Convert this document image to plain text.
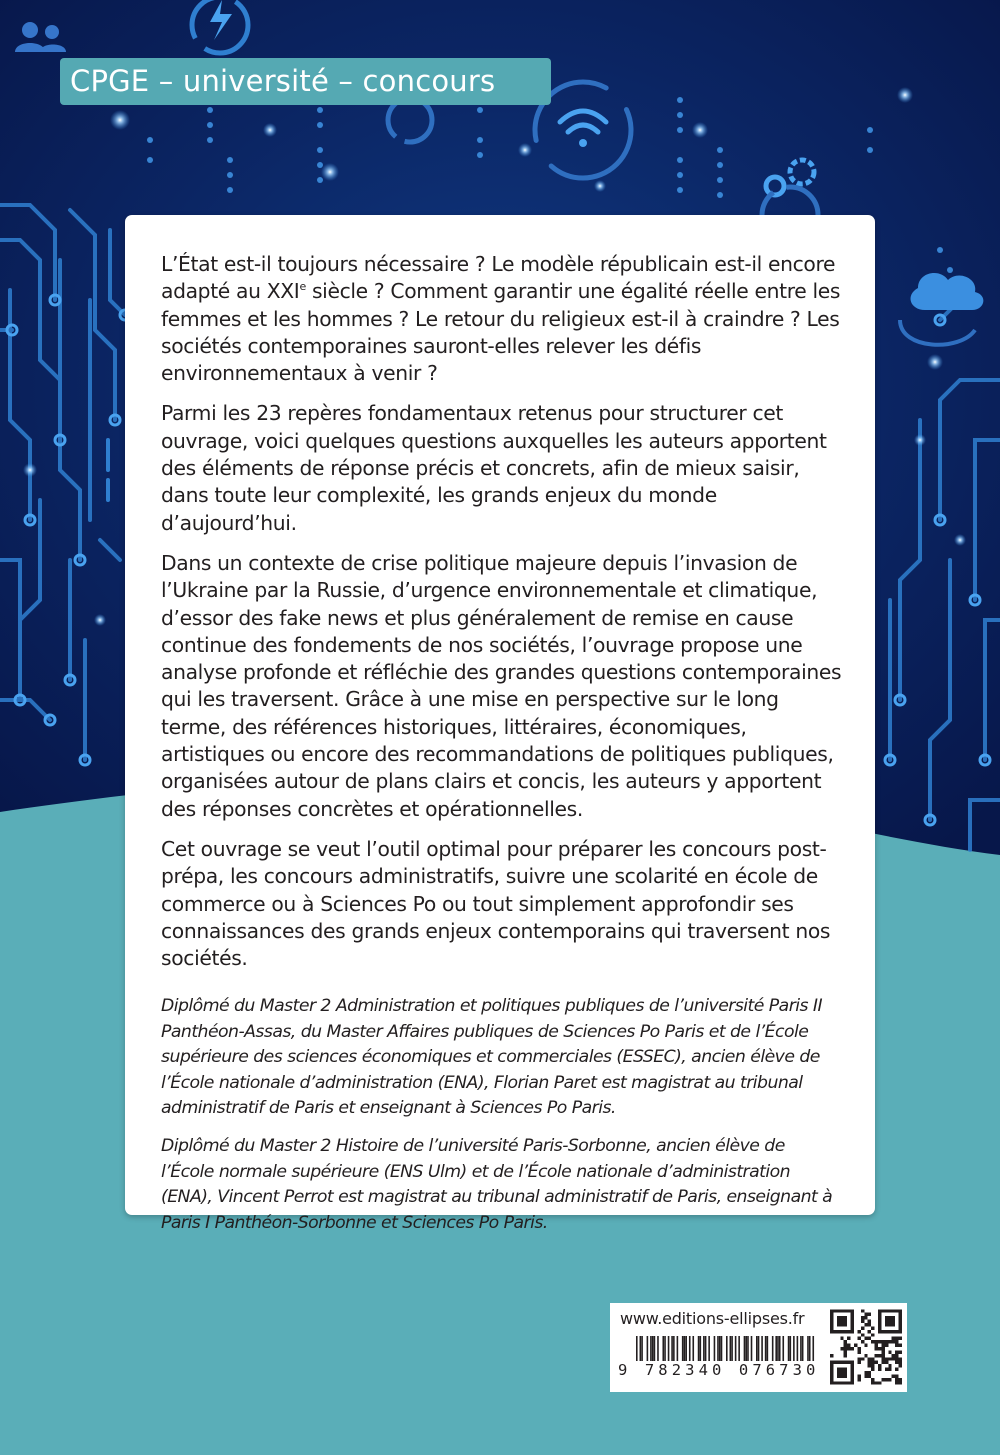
CPGE – université – concours

L’État est-il toujours nécessaire ? Le modèle républicain est-il encore adapté au XXIe siècle ? Comment garantir une égalité réelle entre les femmes et les hommes ? Le retour du religieux est-il à craindre ? Les sociétés contemporaines sauront-elles relever les défis environnementaux à venir ?

Parmi les 23 repères fondamentaux retenus pour structurer cet ouvrage, voici quelques questions auxquelles les auteurs apportent des éléments de réponse précis et concrets, afin de mieux saisir, dans toute leur complexité, les grands enjeux du monde d’aujourd’hui.

Dans un contexte de crise politique majeure depuis l’invasion de l’Ukraine par la Russie, d’urgence environnementale et climatique, d’essor des fake news et plus généralement de remise en cause continue des fondements de nos sociétés, l’ouvrage propose une analyse profonde et réfléchie des grandes questions contemporaines qui les traversent. Grâce à une mise en perspective sur le long terme, des références historiques, littéraires, économiques, artistiques ou encore des recommandations de politiques publiques, organisées autour de plans clairs et concis, les auteurs y apportent des réponses concrètes et opérationnelles.

Cet ouvrage se veut l’outil optimal pour préparer les concours post-prépa, les concours administratifs, suivre une scolarité en école de commerce ou à Sciences Po ou tout simplement approfondir ses connaissances des grands enjeux contemporains qui traversent nos sociétés.

Diplômé du Master 2 Administration et politiques publiques de l’université Paris II Panthéon-Assas, du Master Affaires publiques de Sciences Po Paris et de l’École supérieure des sciences économiques et commerciales (ESSEC), ancien élève de l’École nationale d’administration (ENA), Florian Paret est magistrat au tribunal administratif de Paris et enseignant à Sciences Po Paris.

Diplômé du Master 2 Histoire de l’université Paris-Sorbonne, ancien élève de l’École normale supérieure (ENS Ulm) et de l’École nationale d’administration (ENA), Vincent Perrot est magistrat au tribunal administratif de Paris, enseignant à Paris I Panthéon-Sorbonne et Sciences Po Paris.

www.editions-ellipses.fr
9 782340 076730
